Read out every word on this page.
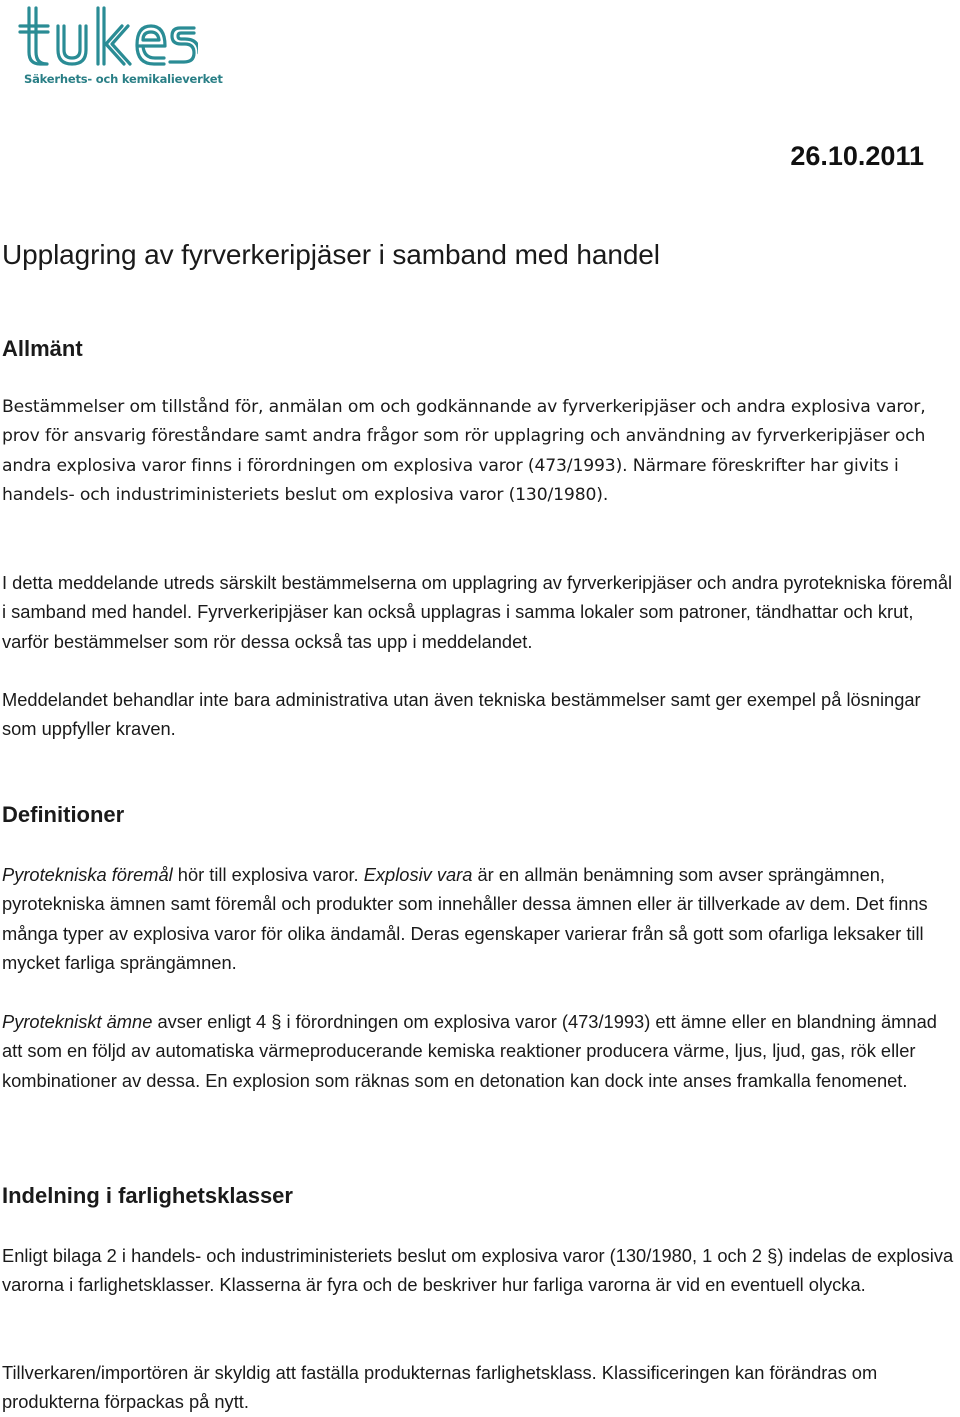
Säkerhets- och kemikalieverket
26.10.2011
Upplagring av fyrverkeripjäser i samband med handel
Allmänt

Bestämmelser om tillstånd för, anmälan om och godkännande av fyrverkeripjäser och andra explosiva varor, prov för ansvarig föreståndare samt andra frågor som rör upplagring och användning av fyrverkeripjäser och andra explosiva varor finns i förordningen om explosiva varor (473/1993). Närmare föreskrifter har givits i handels- och industriministeriets beslut om explosiva varor (130/1980).

I detta meddelande utreds särskilt bestämmelserna om upplagring av fyrverkeripjäser och andra pyrotekniska föremål i samband med handel. Fyrverkeripjäser kan också upplagras i samma lokaler som patroner, tändhattar och krut, varför bestämmelser som rör dessa också tas upp i meddelandet.

Meddelandet behandlar inte bara administrativa utan även tekniska bestämmelser samt ger exempel på lösningar som uppfyller kraven.

Definitioner

Pyrotekniska föremål hör till explosiva varor. Explosiv vara är en allmän benämning som avser sprängämnen, pyrotekniska ämnen samt föremål och produkter som innehåller dessa ämnen eller är tillverkade av dem. Det finns många typer av explosiva varor för olika ändamål. Deras egenskaper varierar från så gott som ofarliga leksaker till mycket farliga sprängämnen.

Pyrotekniskt ämne avser enligt 4 § i förordningen om explosiva varor (473/1993) ett ämne eller en blandning ämnad att som en följd av automatiska värmeproducerande kemiska reaktioner producera värme, ljus, ljud, gas, rök eller kombinationer av dessa. En explosion som räknas som en detonation kan dock inte anses framkalla fenomenet.

Indelning i farlighetsklasser

Enligt bilaga 2 i handels- och industriministeriets beslut om explosiva varor (130/1980, 1 och 2 §) indelas de explosiva varorna i farlighetsklasser. Klasserna är fyra och de beskriver hur farliga varorna är vid en eventuell olycka.

Tillverkaren/importören är skyldig att faställa produkternas farlighetsklass. Klassificeringen kan förändras om produkterna förpackas på nytt.
